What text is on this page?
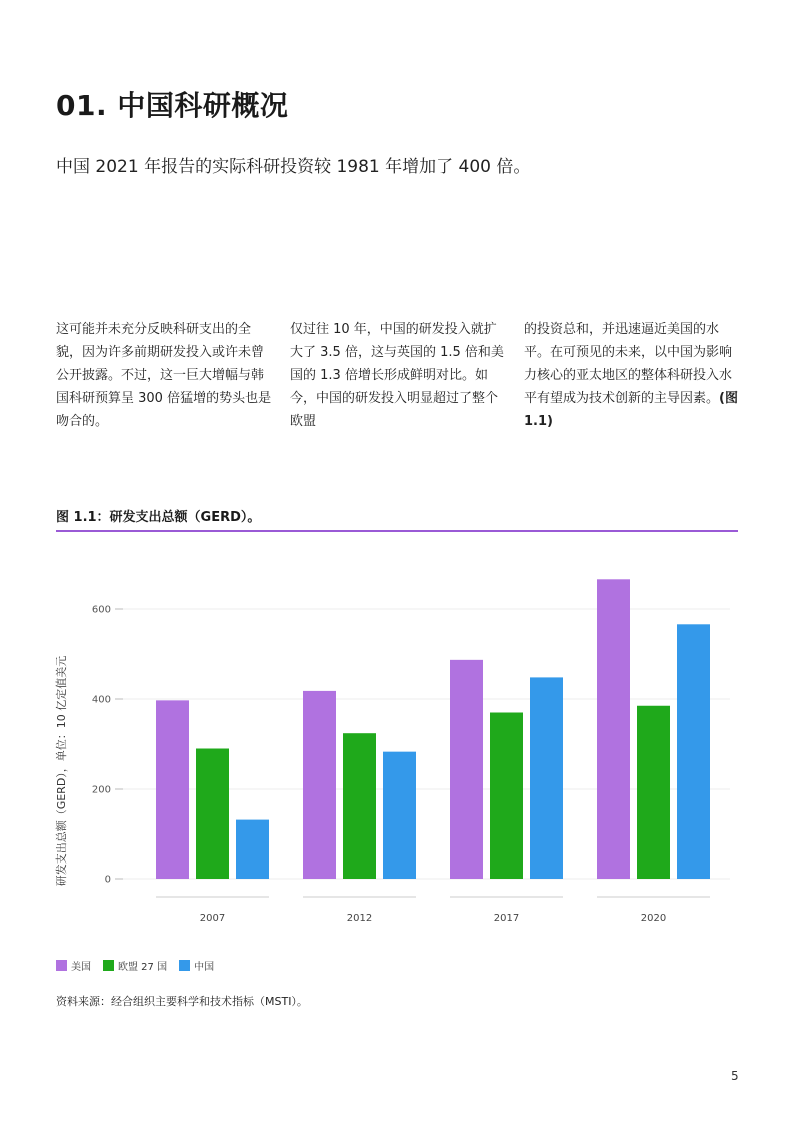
01. 中国科研概况

中国 2021 年报告的实际科研投资较 1981 年增加了 400 倍。

这可能并未充分反映科研支出的全貌，因为许多前期研发投入或许未曾公开披露。不过，这一巨大增幅与韩国科研预算呈 300 倍猛增的势头也是吻合的。

仅过往 10 年，中国的研发投入就扩大了 3.5 倍，这与英国的 1.5 倍和美国的 1.3 倍增长形成鲜明对比。如今，中国的研发投入明显超过了整个欧盟

的投资总和，并迅速逼近美国的水平。在可预见的未来，以中国为影响力核心的亚太地区的整体科研投入水平有望成为技术创新的主导因素。(图 1.1)

图 1.1：研发支出总额（GERD）。

0
200
400
600
2007	2012	2017	2020
研发支出总额（GERD），单位：10 亿定值美元
美国	欧盟 27 国	中国

资料来源：经合组织主要科学和技术指标（MSTI）。

5
